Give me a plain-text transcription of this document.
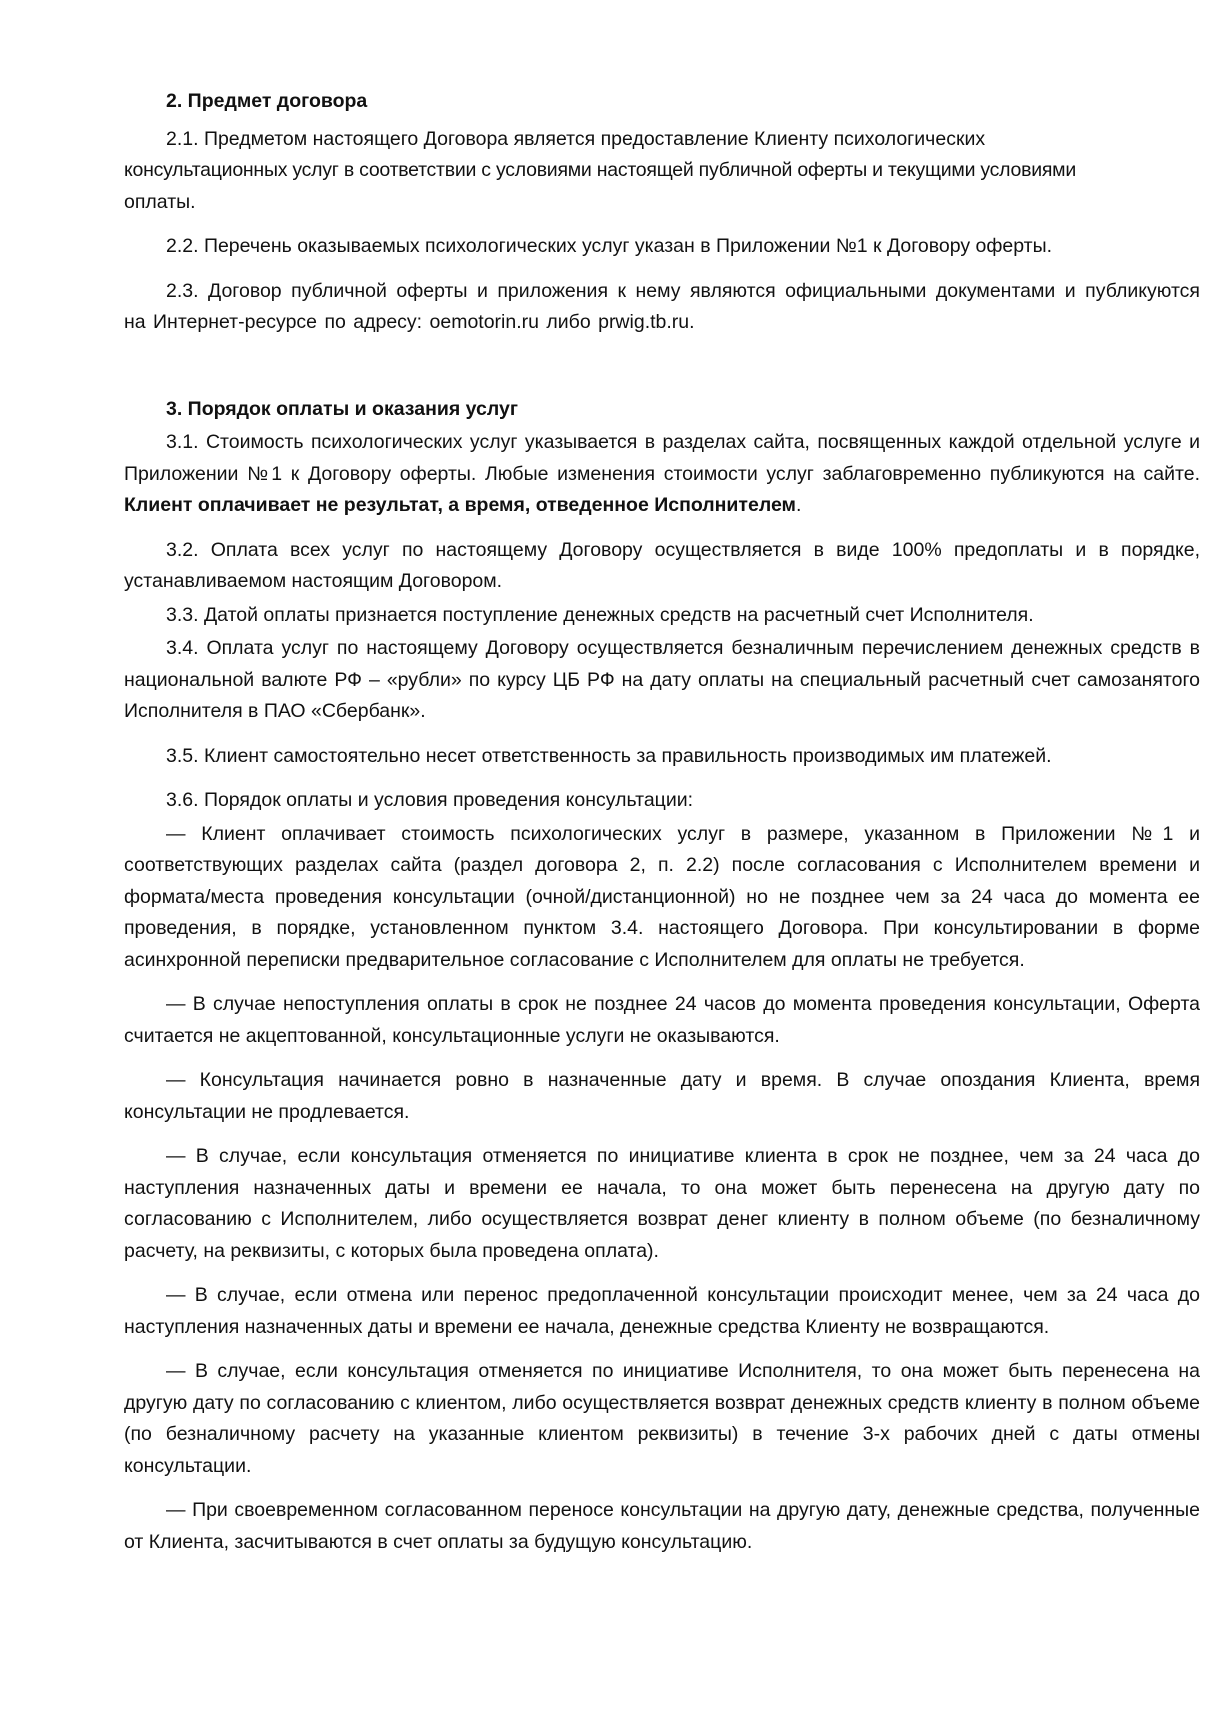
2. Предмет договора

2.1. Предметом настоящего Договора является предоставление Клиенту психологических

консультационных услуг в соответствии с условиями настоящей публичной оферты и текущими условиями
оплаты.

2.2. Перечень оказываемых психологических услуг указан в Приложении №1 к Договору оферты.

2.3. Договор публичной оферты и приложения к нему являются официальными документами и публикуются на Интернет-ресурсе по адресу: oemotorin.ru либо prwig.tb.ru.

3. Порядок оплаты и оказания услуг

3.1. Стоимость психологических услуг указывается в разделах сайта, посвященных каждой отдельной услуге и Приложении №1 к Договору оферты. Любые изменения стоимости услуг заблаговременно публикуются на сайте. Клиент оплачивает не результат, а время, отведенное Исполнителем.

3.2. Оплата всех услуг по настоящему Договору осуществляется в виде 100% предоплаты и в порядке, устанавливаемом настоящим Договором.

3.3. Датой оплаты признается поступление денежных средств на расчетный счет Исполнителя.

3.4. Оплата услуг по настоящему Договору осуществляется безналичным перечислением денежных средств в национальной валюте РФ – «рубли» по курсу ЦБ РФ на дату оплаты на специальный расчетный счет самозанятого Исполнителя в ПАО «Сбербанк».

3.5. Клиент самостоятельно несет ответственность за правильность производимых им платежей.

3.6. Порядок оплаты и условия проведения консультации:

— Клиент оплачивает стоимость психологических услуг в размере, указанном в Приложении №1 и соответствующих разделах сайта (раздел договора 2, п. 2.2) после согласования с Исполнителем времени и формата/места проведения консультации (очной/дистанционной) но не позднее чем за 24 часа до момента ее проведения, в порядке, установленном пунктом 3.4. настоящего Договора. При консультировании в форме асинхронной переписки предварительное согласование с Исполнителем для оплаты не требуется.

— В случае непоступления оплаты в срок не позднее 24 часов до момента проведения консультации, Оферта считается не акцептованной, консультационные услуги не оказываются.

— Консультация начинается ровно в назначенные дату и время. В случае опоздания Клиента, время консультации не продлевается.

— В случае, если консультация отменяется по инициативе клиента в срок не позднее, чем за 24 часа до наступления назначенных даты и времени ее начала, то она может быть перенесена на другую дату по согласованию с Исполнителем, либо осуществляется возврат денег клиенту в полном объеме (по безналичному расчету, на реквизиты, с которых была проведена оплата).

— В случае, если отмена или перенос предоплаченной консультации происходит менее, чем за 24 часа до наступления назначенных даты и времени ее начала, денежные средства Клиенту не возвращаются.

— В случае, если консультация отменяется по инициативе Исполнителя, то она может быть перенесена на другую дату по согласованию с клиентом, либо осуществляется возврат денежных средств клиенту в полном объеме (по безналичному расчету на указанные клиентом реквизиты) в течение 3-х рабочих дней с даты отмены консультации.

— При своевременном согласованном переносе консультации на другую дату, денежные средства, полученные от Клиента, засчитываются в счет оплаты за будущую консультацию.
